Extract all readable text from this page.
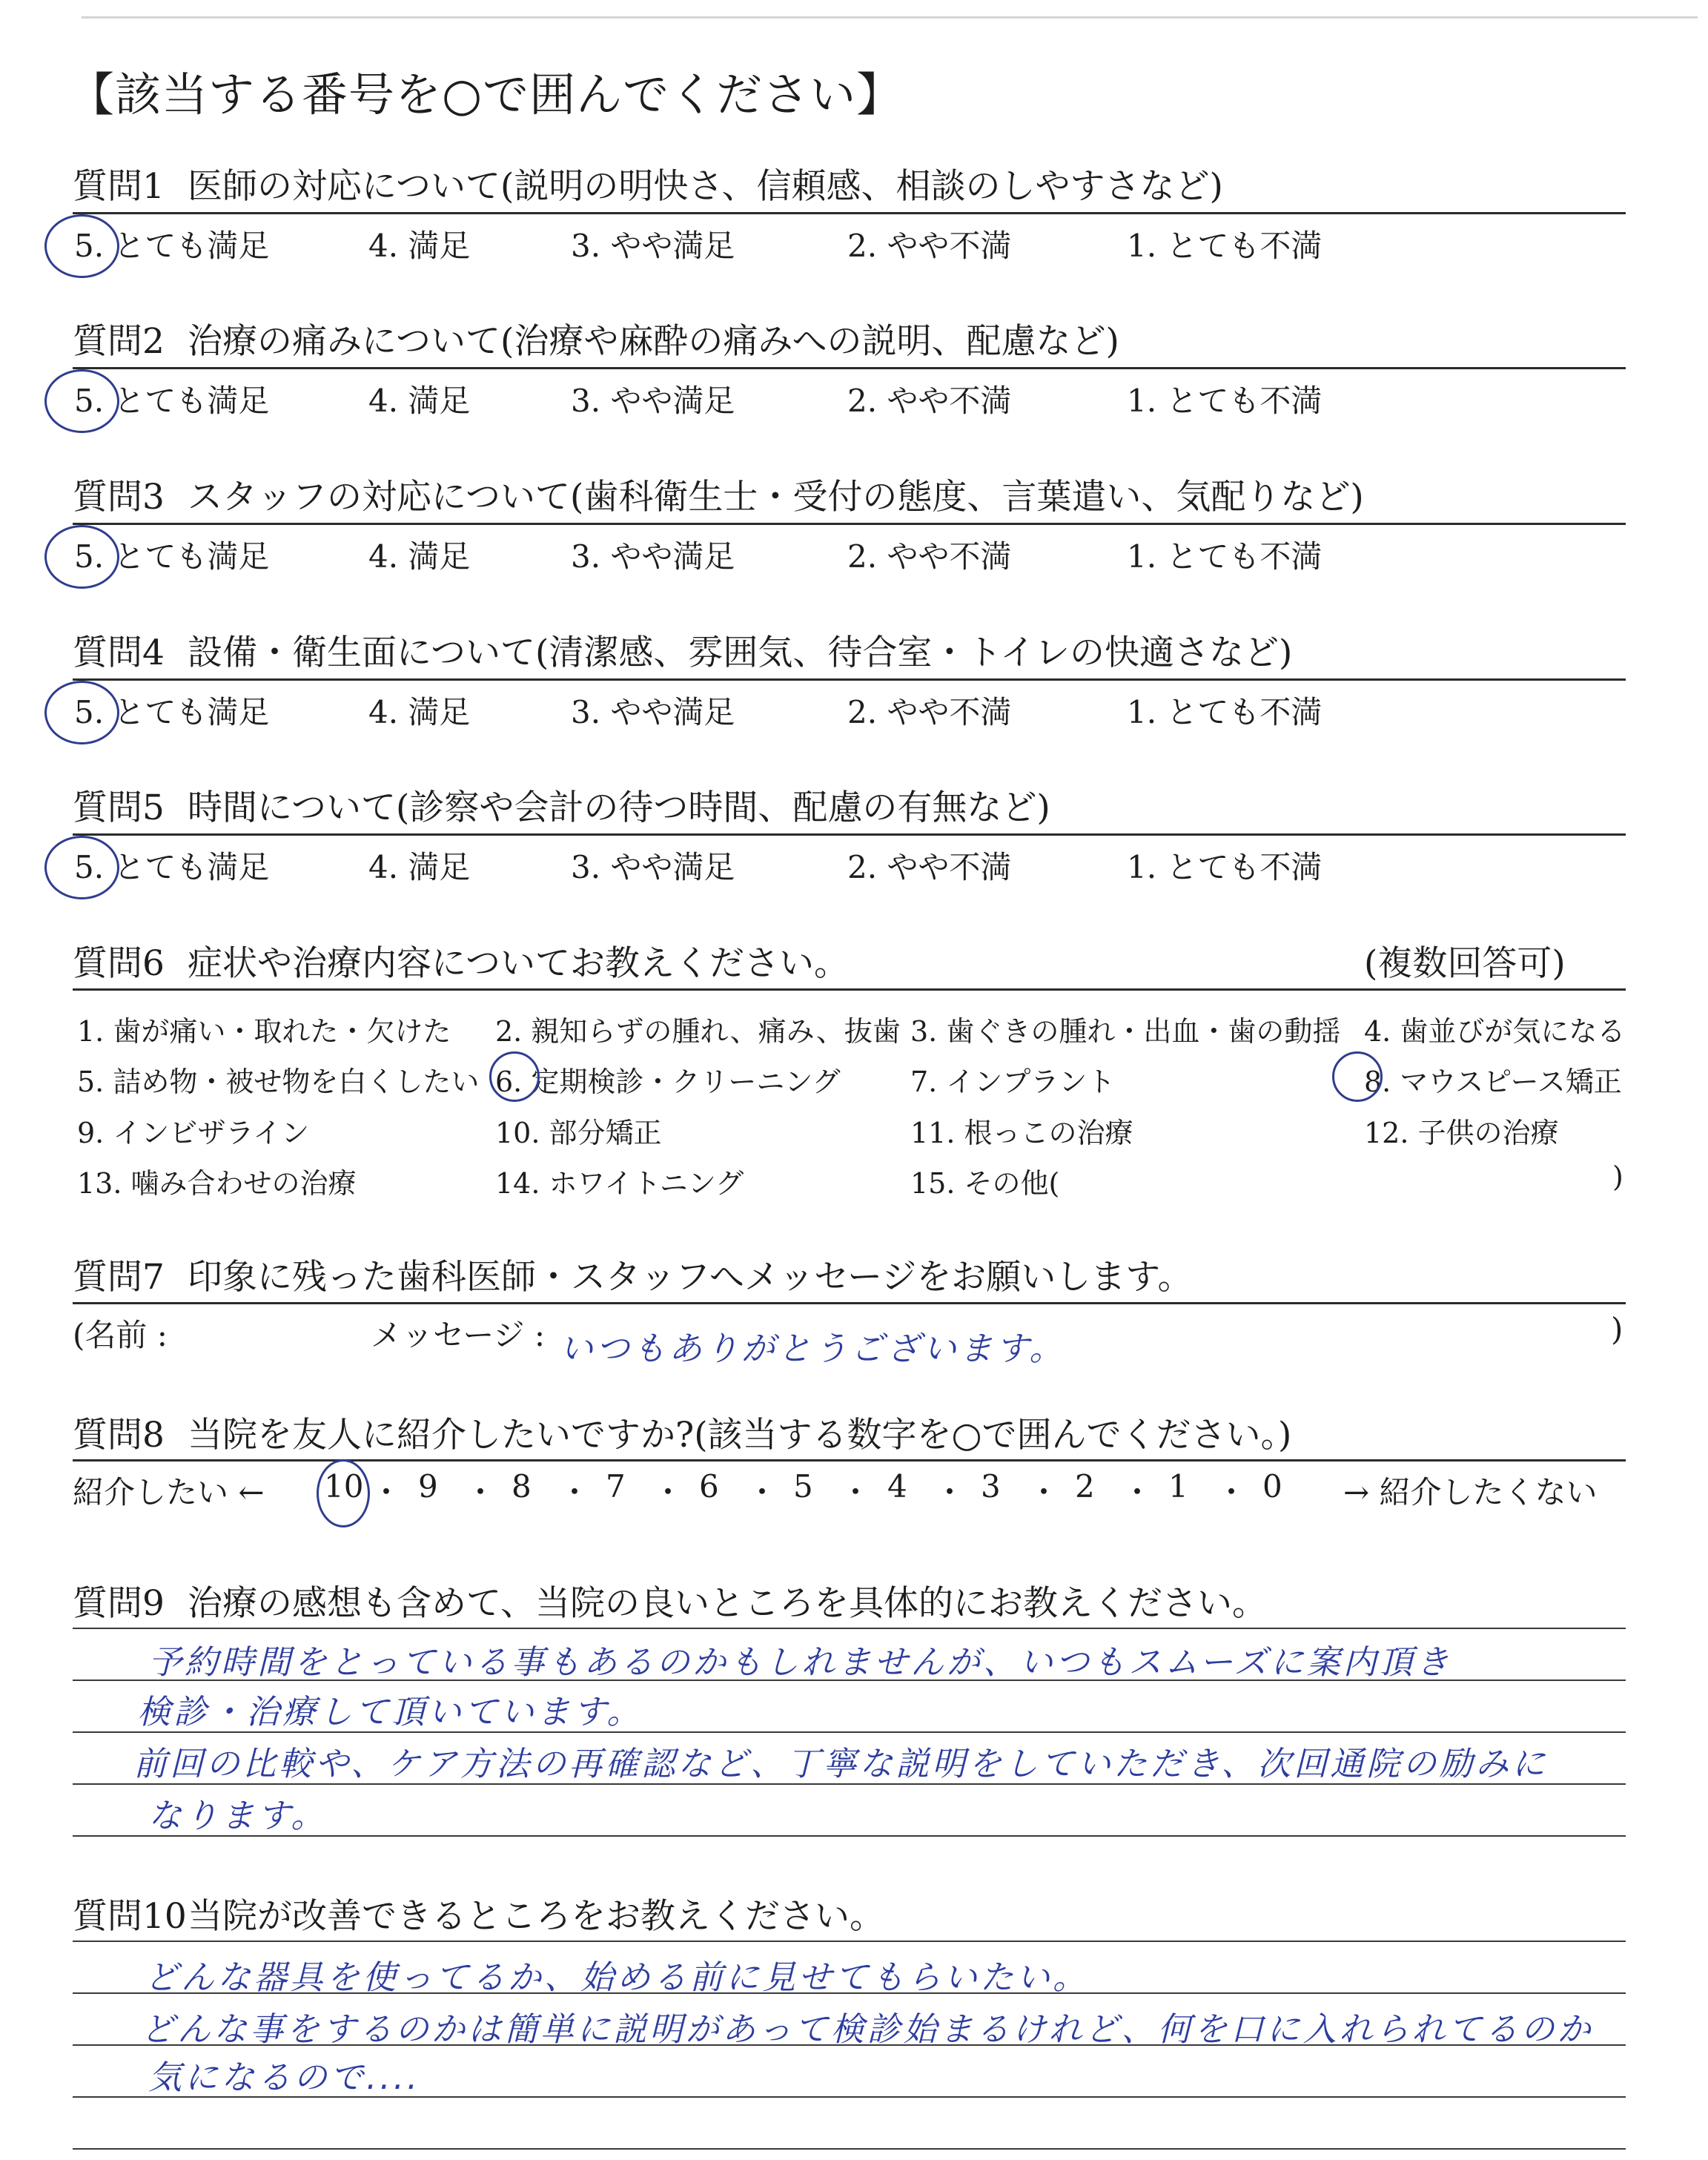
【該当する番号を○で囲んでください】
質問1 医師の対応について(説明の明快さ、信頼感、相談のしやすさなど)
5. とても満足	4. 満足	3. やや満足	2. やや不満	1. とても不満
質問2 治療の痛みについて(治療や麻酔の痛みへの説明、配慮など)
5. とても満足	4. 満足	3. やや満足	2. やや不満	1. とても不満
質問3 スタッフの対応について(歯科衛生士・受付の態度、言葉遣い、気配りなど)
5. とても満足	4. 満足	3. やや満足	2. やや不満	1. とても不満
質問4 設備・衛生面について(清潔感、雰囲気、待合室・トイレの快適さなど)
5. とても満足	4. 満足	3. やや満足	2. やや不満	1. とても不満
質問5 時間について(診察や会計の待つ時間、配慮の有無など)
5. とても満足	4. 満足	3. やや満足	2. やや不満	1. とても不満
質問6 症状や治療内容についてお教えください。	(複数回答可)
1. 歯が痛い・取れた・欠けた 2. 親知らずの腫れ、痛み、抜歯 3. 歯ぐきの腫れ・出血・歯の動揺 4. 歯並びが気になる
5. 詰め物・被せ物を白くしたい 6. 定期検診・クリーニング 7. インプラント	8. マウスピース矯正
9. インビザライン	10. 部分矯正	11. 根っこの治療	12. 子供の治療
13. 噛み合わせの治療	14. ホワイトニング	15. その他(	)
質問7 印象に残った歯科医師・スタッフへメッセージをお願いします。
(名前 :	メッセージ : いつもありがとうございます。	)
質問8 当院を友人に紹介したいですか?(該当する数字を○で囲んでください。)
紹介したい ← 10 ・ 9 ・ 8 ・ 7 ・ 6 ・ 5 ・ 4 ・ 3 ・ 2 ・ 1 ・ 0 → 紹介したくない
質問9 治療の感想も含めて、当院の良いところを具体的にお教えください。
予約時間をとっている事もあるのかもしれませんが、いつもスムーズに案内頂き
検診・治療して頂いています。
前回の比較や、ケア方法の再確認など、丁寧な説明をしていただき、次回通院の励みに
なります。
質問10当院が改善できるところをお教えください。
どんな器具を使ってるか、始める前に見せてもらいたい。
どんな事をするのかは簡単に説明があって検診始まるけれど、何を口に入れられてるのか
気になるので....
